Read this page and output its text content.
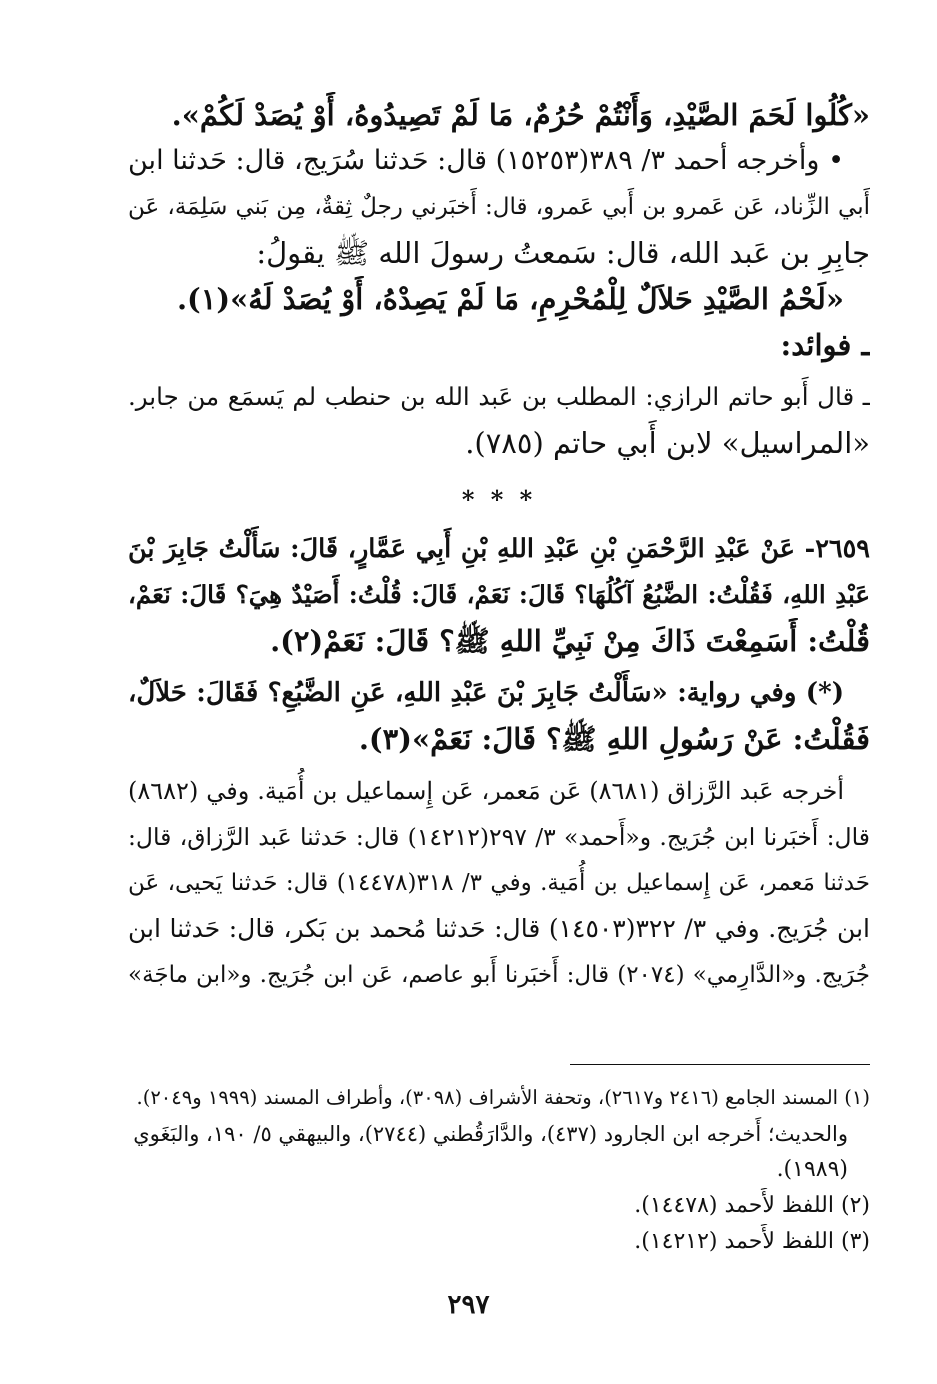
«كُلُوا لَحَمَ الصَّيْدِ، وَأَنْتُمْ حُرُمٌ، مَا لَمْ تَصِيدُوهُ، أَوْ يُصَدْ لَكُمْ».
• وأخرجه أحمد ٣/ ٣٨٩(١٥٢٥٣) قال: حَدثنا سُرَيج، قال: حَدثنا ابن
أَبي الزِّناد، عَن عَمرو بن أَبي عَمرو، قال: أَخبَرني رجلٌ ثِقةٌ، مِن بَني سَلِمَة، عَن
جابِرِ بن عَبد الله، قال: سَمعتُ رسولَ الله ﷺ يقولُ:
«لَحْمُ الصَّيْدِ حَلاَلٌ لِلْمُحْرِمِ، مَا لَمْ يَصِدْهُ، أَوْ يُصَدْ لَهُ»(١).
ـ فوائد:
ـ قال أَبو حاتم الرازي: المطلب بن عَبد الله بن حنطب لم يَسمَع من جابر.
«المراسيل» لابن أَبي حاتم (٧٨٥).
* * *
٢٦٥٩- عَنْ عَبْدِ الرَّحْمَنِ بْنِ عَبْدِ اللهِ بْنِ أَبِي عَمَّارٍ، قَالَ: سَأَلْتُ جَابِرَ بْنَ
عَبْدِ اللهِ، فَقُلْتُ: الضَّبُعُ آكُلُهَا؟ قَالَ: نَعَمْ، قَالَ: قُلْتُ: أَصَيْدٌ هِيَ؟ قَالَ: نَعَمْ،
قُلْتُ: أَسَمِعْتَ ذَاكَ مِنْ نَبِيِّ اللهِ ﷺ؟ قَالَ: نَعَمْ(٢).
(*) وفي رواية: «سَأَلْتُ جَابِرَ بْنَ عَبْدِ اللهِ، عَنِ الضَّبُعِ؟ فَقَالَ: حَلاَلٌ،
فَقُلْتُ: عَنْ رَسُولِ اللهِ ﷺ؟ قَالَ: نَعَمْ»(٣).
أخرجه عَبد الرَّزاق (٨٦٨١) عَن مَعمر، عَن إِسماعيل بن أُمَية. وفي (٨٦٨٢)
قال: أَخبَرنا ابن جُرَيج. و«أَحمد» ٣/ ٢٩٧(١٤٢١٢) قال: حَدثنا عَبد الرَّزاق، قال:
حَدثنا مَعمر، عَن إِسماعيل بن أُمَية. وفي ٣/ ٣١٨(١٤٤٧٨) قال: حَدثنا يَحيى، عَن
ابن جُرَيج. وفي ٣/ ٣٢٢(١٤٥٠٣) قال: حَدثنا مُحمد بن بَكر، قال: حَدثنا ابن
جُرَيج. و«الدَّارِمي» (٢٠٧٤) قال: أَخبَرنا أَبو عاصم، عَن ابن جُرَيج. و«ابن ماجَة»
(١) المسند الجامع (٢٤١٦ و٢٦١٧)، وتحفة الأشراف (٣٠٩٨)، وأطراف المسند (١٩٩٩ و٢٠٤٩).
والحديث؛ أَخرجه ابن الجارود (٤٣٧)، والدَّارَقُطني (٢٧٤٤)، والبيهقي ٥/ ١٩٠، والبَغَوي
(١٩٨٩).
(٢) اللفظ لأَحمد (١٤٤٧٨).
(٣) اللفظ لأَحمد (١٤٢١٢).
٢٩٧
